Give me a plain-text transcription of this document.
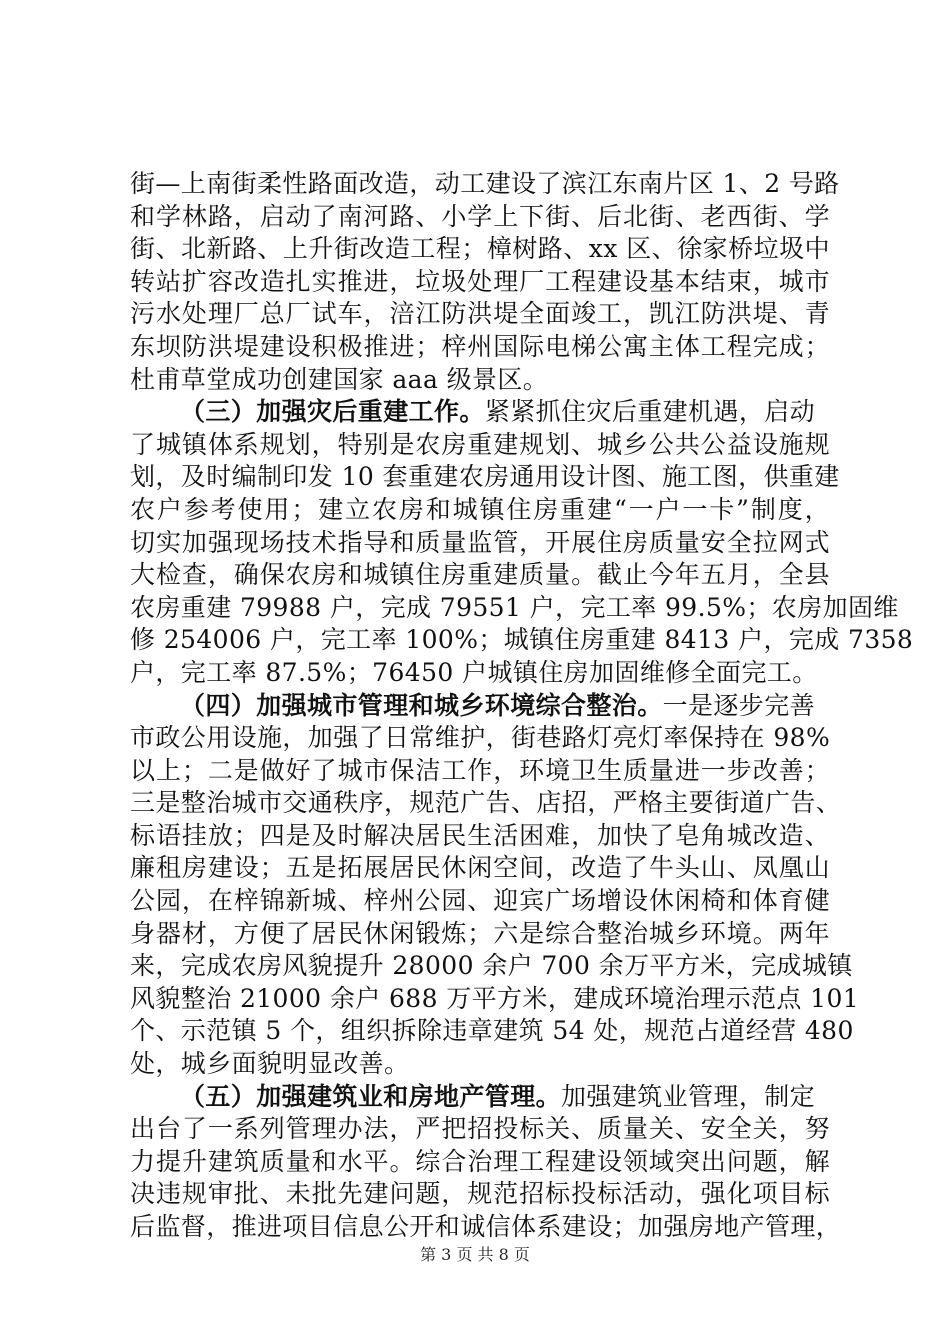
街—上南街柔性路面改造，动工建设了滨江东南片区 1、2 号路
和学林路，启动了南河路、小学上下街、后北街、老西街、学
街、北新路、上升街改造工程；樟树路、xx 区、徐家桥垃圾中
转站扩容改造扎实推进，垃圾处理厂工程建设基本结束，城市
污水处理厂总厂试车，涪江防洪堤全面竣工，凯江防洪堤、青
东坝防洪堤建设积极推进；梓州国际电梯公寓主体工程完成；
杜甫草堂成功创建国家 aaa 级景区。
（三）加强灾后重建工作。紧紧抓住灾后重建机遇，启动
了城镇体系规划，特别是农房重建规划、城乡公共公益设施规
划，及时编制印发 10 套重建农房通用设计图、施工图，供重建
农户参考使用；建立农房和城镇住房重建“一户一卡”制度，
切实加强现场技术指导和质量监管，开展住房质量安全拉网式
大检查，确保农房和城镇住房重建质量。截止今年五月，全县
农房重建 79988 户，完成 79551 户，完工率 99.5%；农房加固维
修 254006 户，完工率 100%；城镇住房重建 8413 户，完成 7358
户，完工率 87.5%；76450 户城镇住房加固维修全面完工。
（四）加强城市管理和城乡环境综合整治。一是逐步完善
市政公用设施，加强了日常维护，街巷路灯亮灯率保持在 98%
以上；二是做好了城市保洁工作，环境卫生质量进一步改善；
三是整治城市交通秩序，规范广告、店招，严格主要街道广告、
标语挂放；四是及时解决居民生活困难，加快了皂角城改造、
廉租房建设；五是拓展居民休闲空间，改造了牛头山、凤凰山
公园，在梓锦新城、梓州公园、迎宾广场增设休闲椅和体育健
身器材，方便了居民休闲锻炼；六是综合整治城乡环境。两年
来，完成农房风貌提升 28000 余户 700 余万平方米，完成城镇
风貌整治 21000 余户 688 万平方米，建成环境治理示范点 101
个、示范镇 5 个，组织拆除违章建筑 54 处，规范占道经营 480
处，城乡面貌明显改善。
（五）加强建筑业和房地产管理。加强建筑业管理，制定
出台了一系列管理办法，严把招投标关、质量关、安全关，努
力提升建筑质量和水平。综合治理工程建设领域突出问题，解
决违规审批、未批先建问题，规范招标投标活动，强化项目标
后监督，推进项目信息公开和诚信体系建设；加强房地产管理，
第 3 页 共 8 页
